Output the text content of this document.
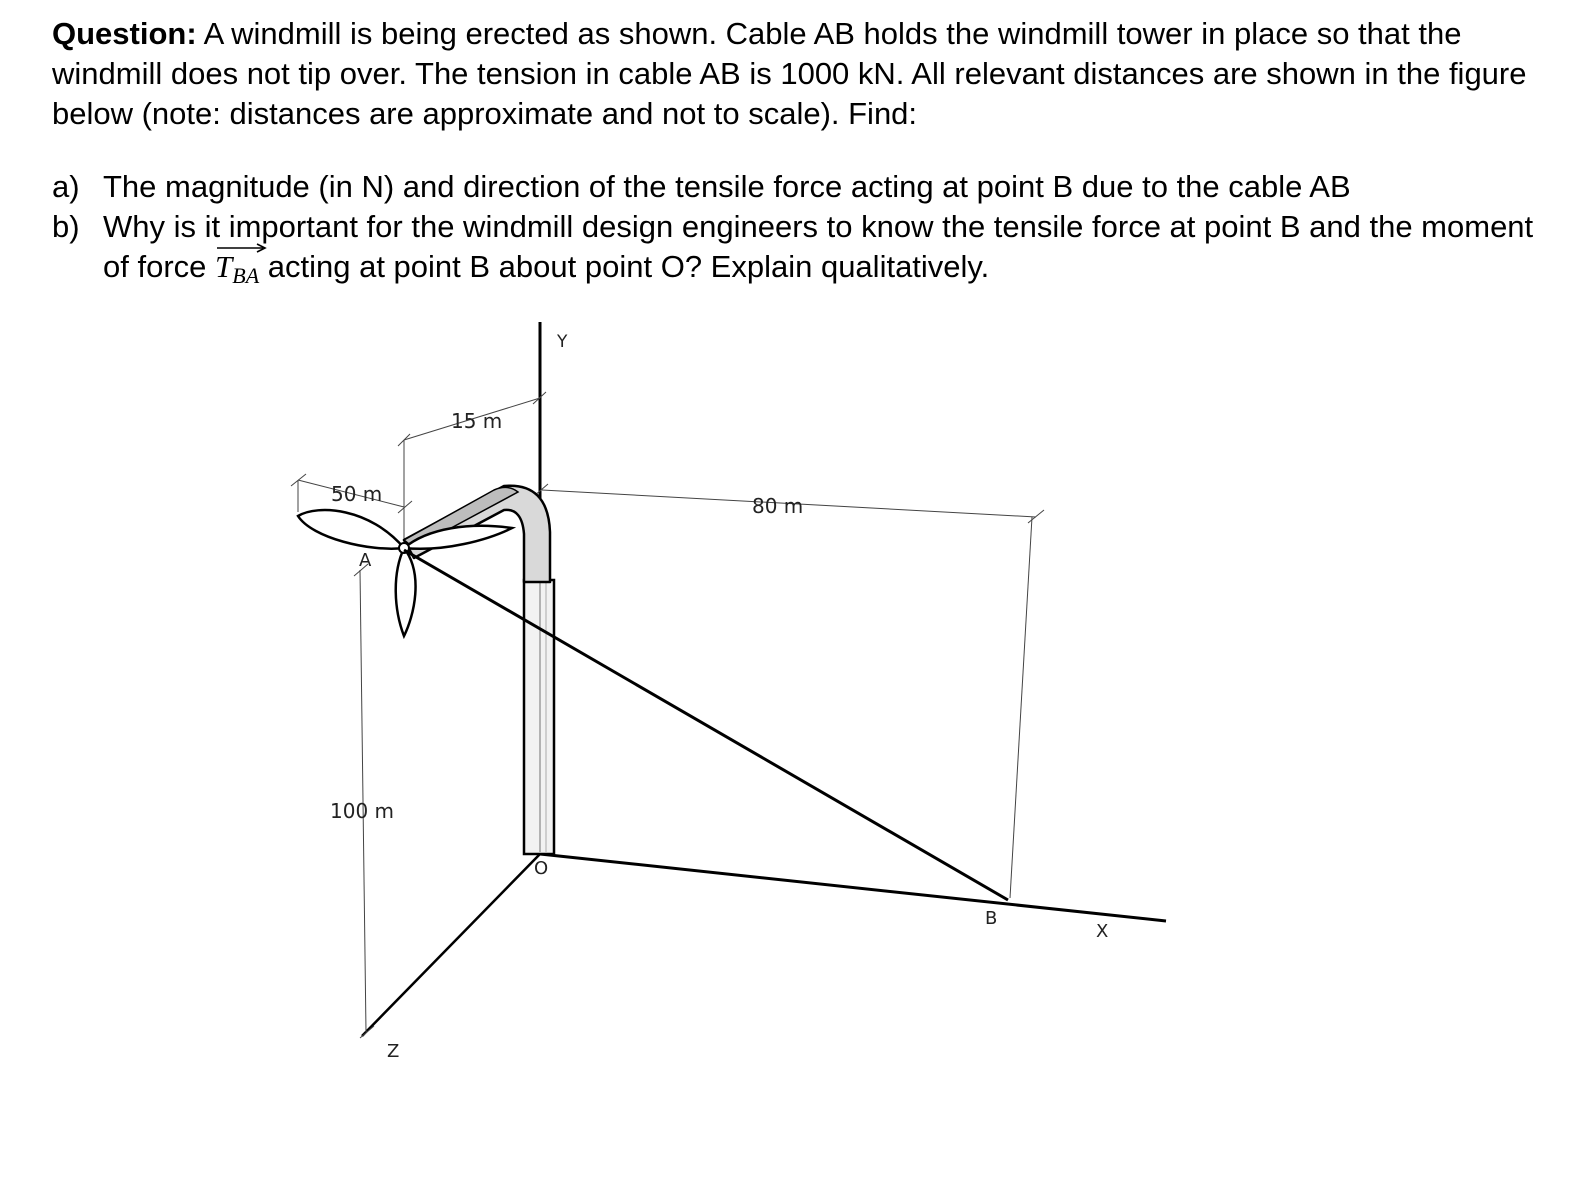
Question: A windmill is being erected as shown. Cable AB holds the windmill tower in place so that the windmill does not tip over. The tension in cable AB is 1000 kN. All relevant distances are shown in the figure below (note: distances are approximate and not to scale). Find:

a) The magnitude (in N) and direction of the tensile force acting at point B due to the cable AB
b) Why is it important for the windmill design engineers to know the tensile force at point B and the moment of force
TBA acting at point B about point O? Explain qualitatively.
Y
X
Z
O
A
B
15 m
50 m	80 m
100 m
